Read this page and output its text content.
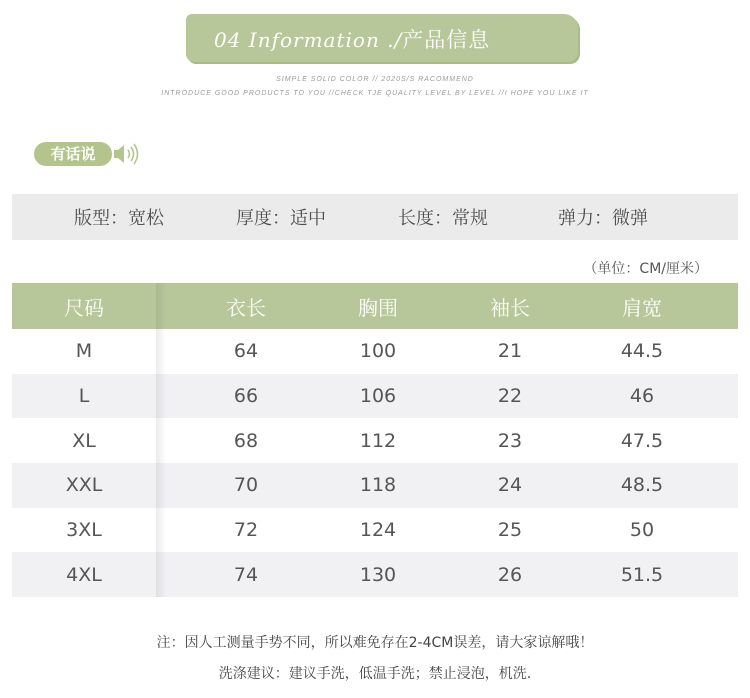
04 Information ./产品信息
SIMPLE SOLID COLOR // 2020S/S RACOMMEND
INTRODUCE GOOD PRODUCTS TO YOU //CHECK TJE QUALITY LEVEL BY LEVEL //I HOPE YOU LIKE IT
有话说
版型：宽松	厚度：适中	长度：常规	弹力：微弹
（单位：CM/厘米）
尺码	衣长	胸围	袖长	肩宽
M	64	100	21	44.5
L	66	106	22	46
XL	68	112	23	47.5
XXL	70	118	24	48.5
3XL	72	124	25	50
4XL	74	130	26	51.5
注：因人工测量手势不同，所以难免存在2-4CM误差，请大家谅解哦！
洗涤建议：建议手洗，低温手洗；禁止浸泡，机洗.
